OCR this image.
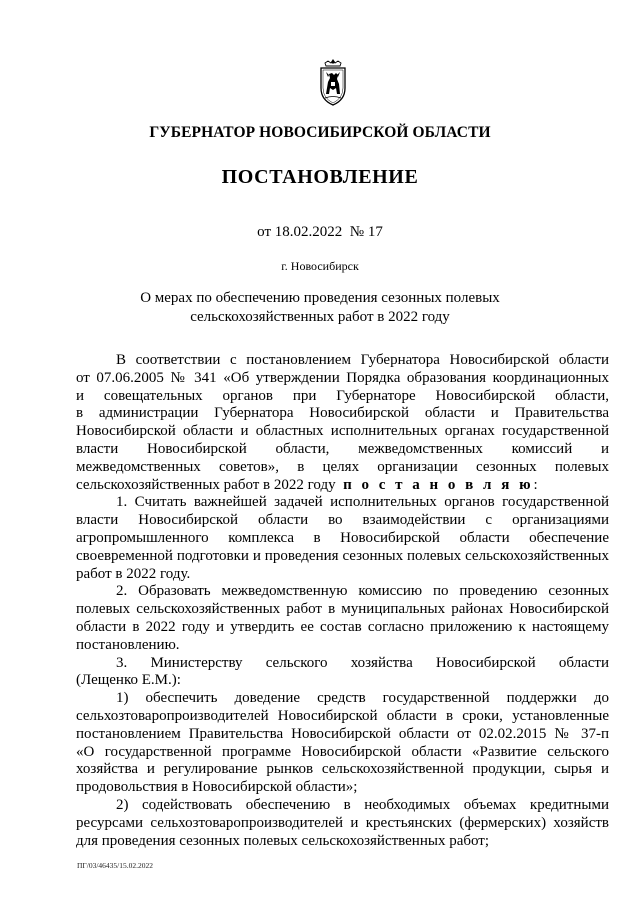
ГУБЕРНАТОР НОВОСИБИРСКОЙ ОБЛАСТИ
ПОСТАНОВЛЕНИЕ
от 18.02.2022  № 17
г. Новосибирск
О мерах по обеспечению проведения сезонных полевых
сельскохозяйственных работ в 2022 году
В соответствии с постановлением Губернатора Новосибирской области
от 07.06.2005 № 341 «Об утверждении Порядка образования координационных
и совещательных органов при Губернаторе Новосибирской области,
в администрации Губернатора Новосибирской области и Правительства
Новосибирской области и областных исполнительных органах государственной
власти Новосибирской области, межведомственных комиссий и
межведомственных советов», в целях организации сезонных полевых
сельскохозяйственных работ в 2022 году п о с т а н о в л я ю:
1. Считать важнейшей задачей исполнительных органов государственной
власти Новосибирской области во взаимодействии с организациями
агропромышленного комплекса в Новосибирской области обеспечение
своевременной подготовки и проведения сезонных полевых сельскохозяйственных
работ в 2022 году.
2. Образовать межведомственную комиссию по проведению сезонных
полевых сельскохозяйственных работ в муниципальных районах Новосибирской
области в 2022 году и утвердить ее состав согласно приложению к настоящему
постановлению.
3. Министерству сельского хозяйства Новосибирской области
(Лещенко Е.М.):
1) обеспечить доведение средств государственной поддержки до
сельхозтоваропроизводителей Новосибирской области в сроки, установленные
постановлением Правительства Новосибирской области от 02.02.2015 № 37-п
«О государственной программе Новосибирской области «Развитие сельского
хозяйства и регулирование рынков сельскохозяйственной продукции, сырья и
продовольствия в Новосибирской области»;
2) содействовать обеспечению в необходимых объемах кредитными
ресурсами сельхозтоваропроизводителей и крестьянских (фермерских) хозяйств
для проведения сезонных полевых сельскохозяйственных работ;
ПГ/03/46435/15.02.2022
